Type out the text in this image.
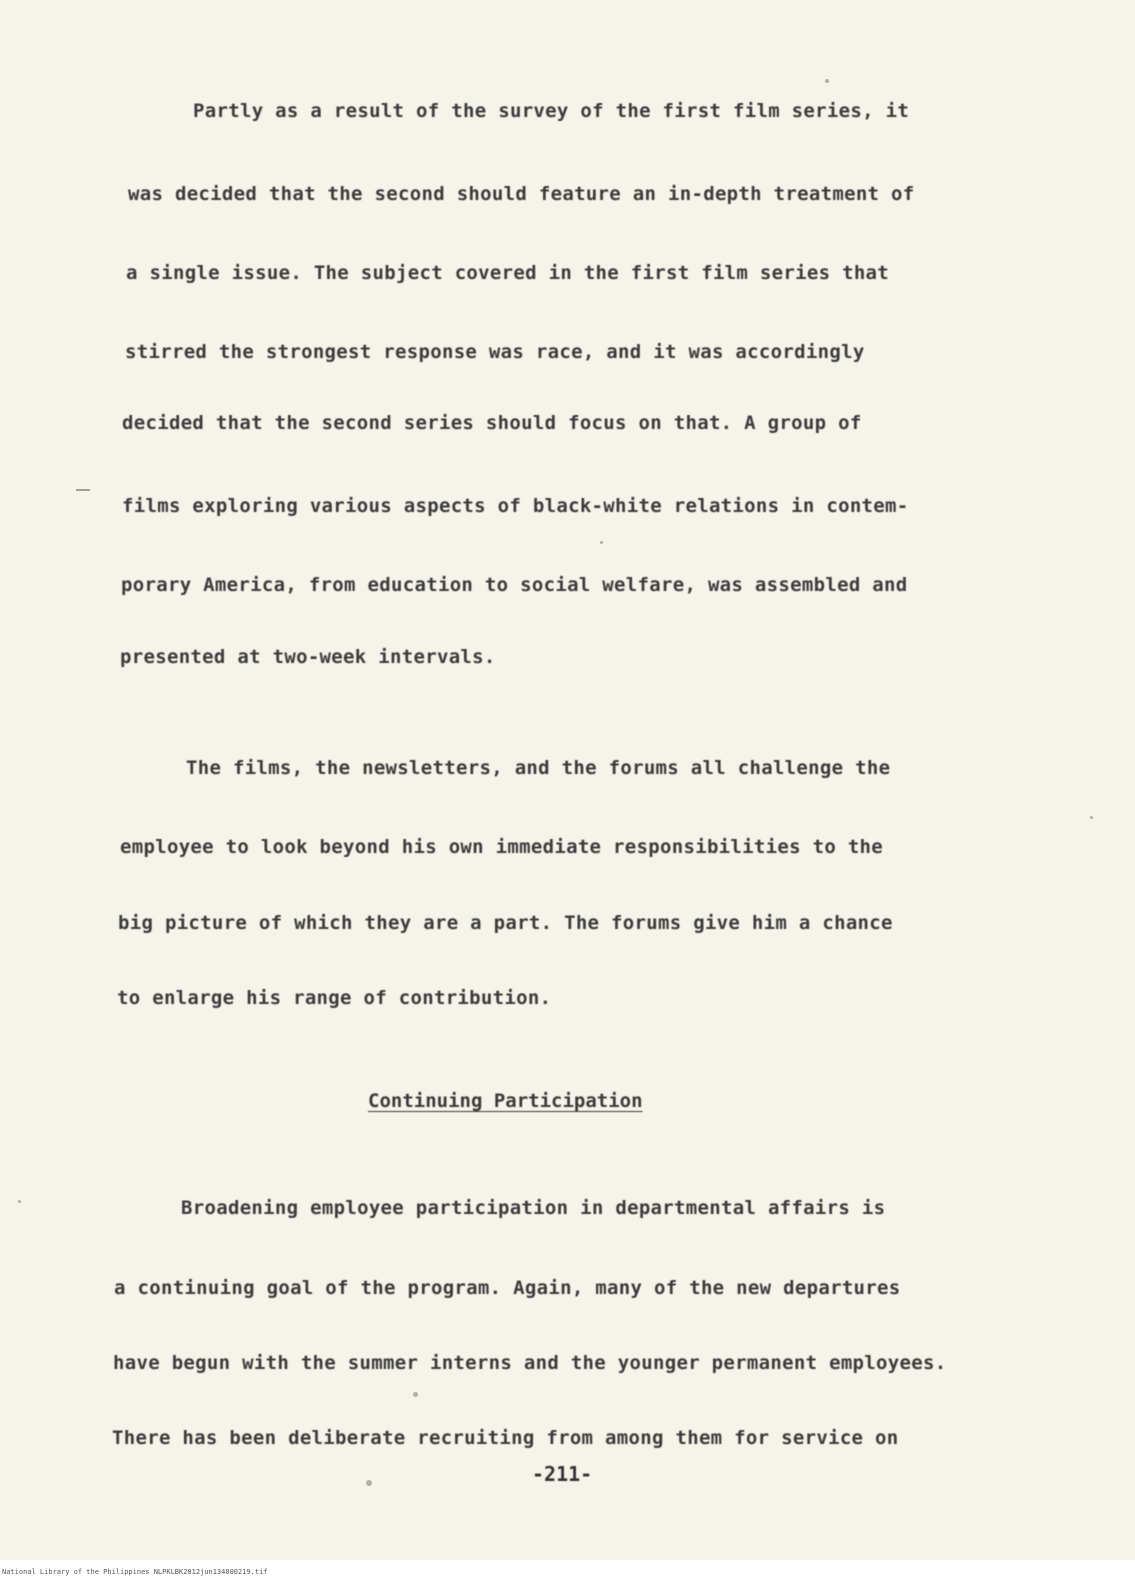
Partly as a result of the survey of the first film series, it

was decided that the second should feature an in-depth treatment of

a single issue. The subject covered in the first film series that

stirred the strongest response was race, and it was accordingly

decided that the second series should focus on that. A group of

films exploring various aspects of black-white relations in contem-

porary America, from education to social welfare, was assembled and

presented at two-week intervals.

The films, the newsletters, and the forums all challenge the

employee to look beyond his own immediate responsibilities to the

big picture of which they are a part. The forums give him a chance

to enlarge his range of contribution.

Continuing Participation

Broadening employee participation in departmental affairs is

a continuing goal of the program. Again, many of the new departures

have begun with the summer interns and the younger permanent employees.

There has been deliberate recruiting from among them for service on

-211-

National Library of the Philippines NLPKLBK2012jun134800219.tif
